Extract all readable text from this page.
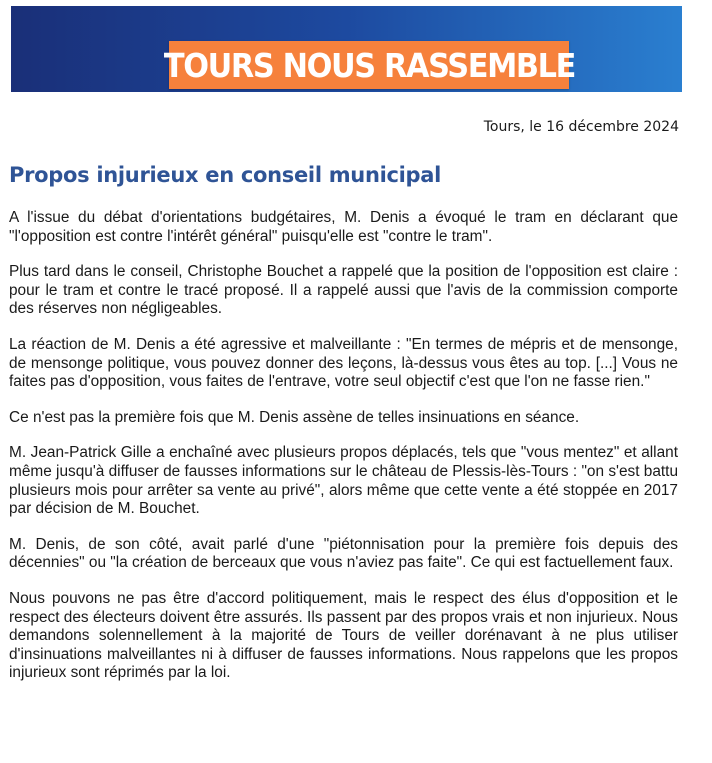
TOURS NOUS RASSEMBLE
Tours, le 16 décembre 2024
Propos injurieux en conseil municipal

A l'issue du débat d'orientations budgétaires, M. Denis a évoqué le tram en déclarant que "l'opposition est contre l'intérêt général" puisqu'elle est "contre le tram".

Plus tard dans le conseil, Christophe Bouchet a rappelé que la position de l'opposition est claire : pour le tram et contre le tracé proposé. Il a rappelé aussi que l'avis de la commission comporte des réserves non négligeables.

La réaction de M. Denis a été agressive et malveillante : "En termes de mépris et de mensonge, de mensonge politique, vous pouvez donner des leçons, là-dessus vous êtes au top. [...] Vous ne faites pas d'opposition, vous faites de l'entrave, votre seul objectif c'est que l'on ne fasse rien."

Ce n'est pas la première fois que M. Denis assène de telles insinuations en séance.

M. Jean-Patrick Gille a enchaîné avec plusieurs propos déplacés, tels que "vous mentez" et allant même jusqu'à diffuser de fausses informations sur le château de Plessis-lès-Tours : "on s'est battu plusieurs mois pour arrêter sa vente au privé", alors même que cette vente a été stoppée en 2017 par décision de M. Bouchet.

M. Denis, de son côté, avait parlé d'une "piétonnisation pour la première fois depuis des décennies" ou "la création de berceaux que vous n'aviez pas faite". Ce qui est factuellement faux.

Nous pouvons ne pas être d'accord politiquement, mais le respect des élus d'opposition et le respect des électeurs doivent être assurés. Ils passent par des propos vrais et non injurieux. Nous demandons solennellement à la majorité de Tours de veiller dorénavant à ne plus utiliser d'insinuations malveillantes ni à diffuser de fausses informations. Nous rappelons que les propos injurieux sont réprimés par la loi.
